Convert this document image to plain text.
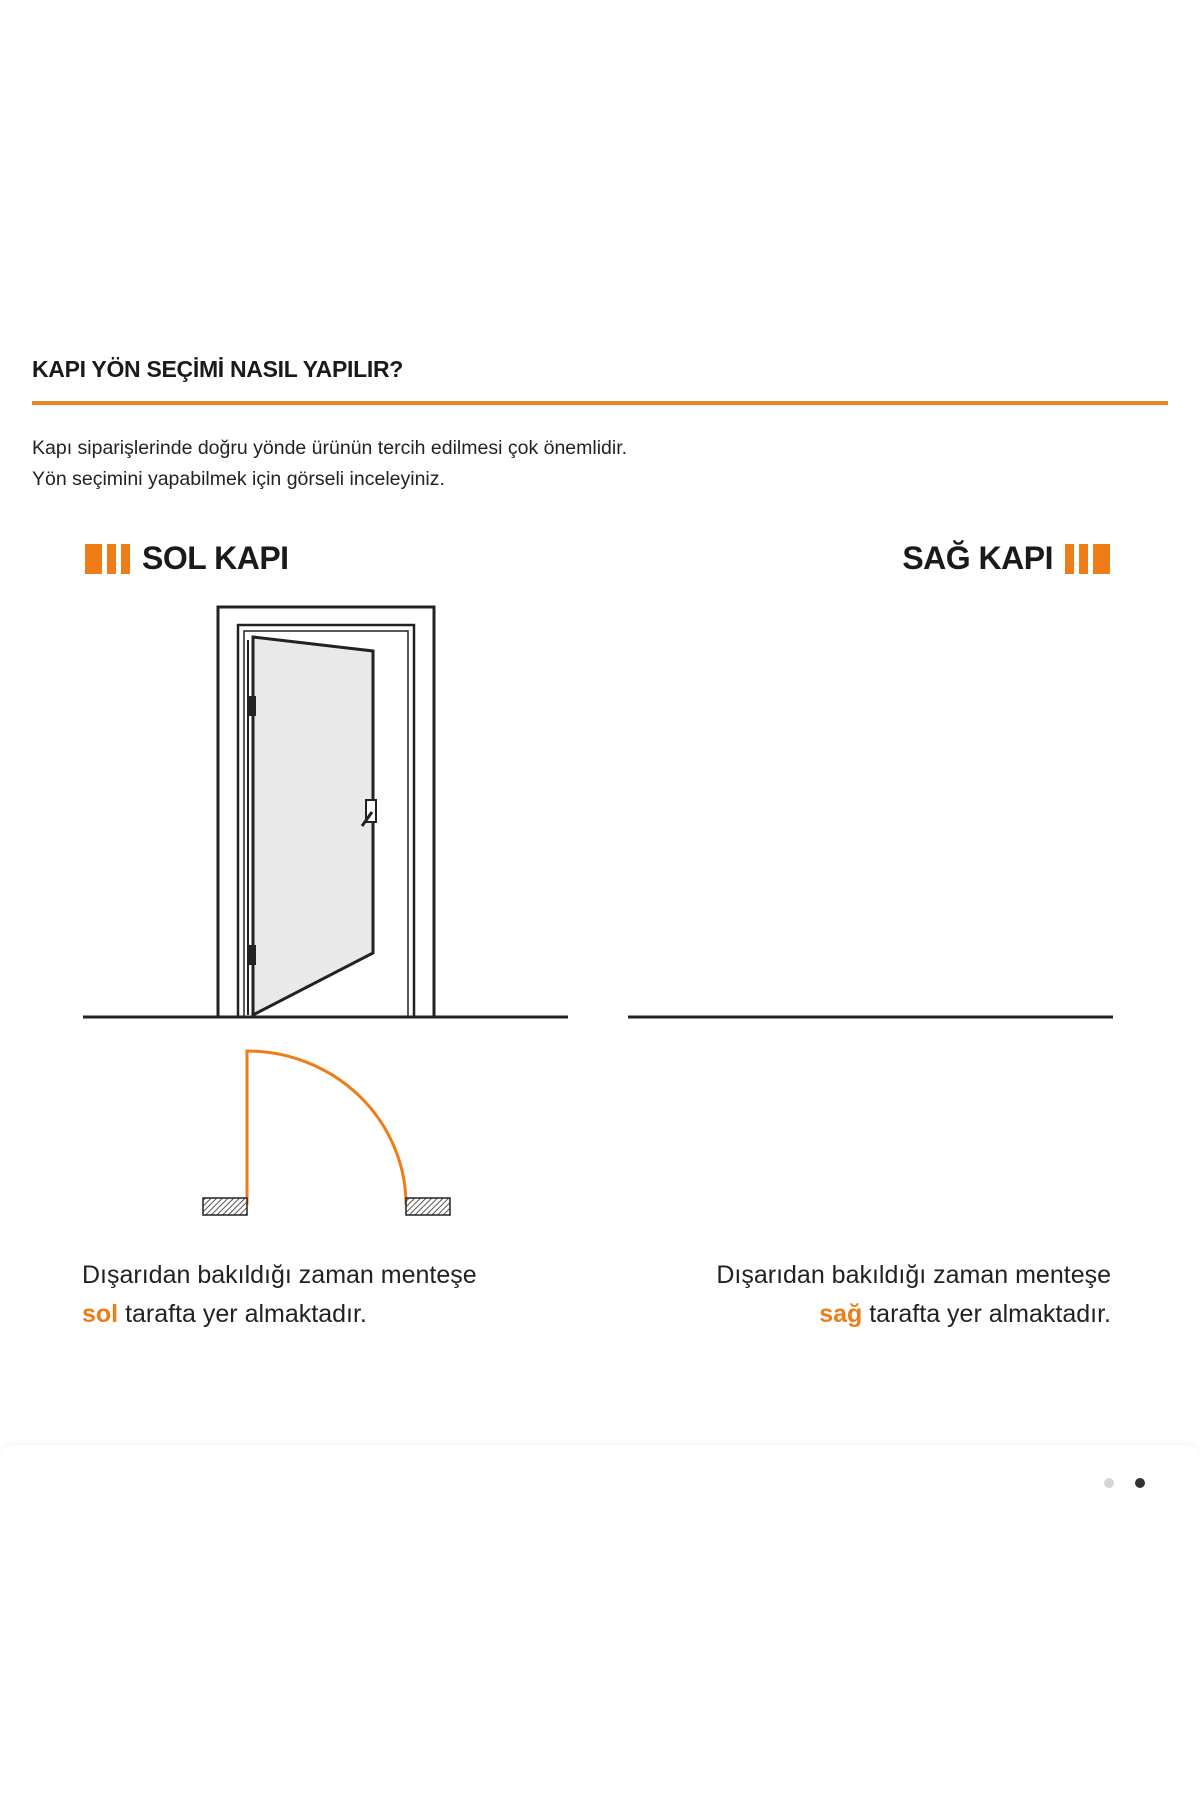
KAPI YÖN SEÇİMİ NASIL YAPILIR?
Kapı siparişlerinde doğru yönde ürünün tercih edilmesi çok önemlidir.
Yön seçimini yapabilmek için görseli inceleyiniz.
SOL KAPI	SAĞ KAPI
Dışarıdan bakıldığı zaman menteşe
sol tarafta yer almaktadır.
Dışarıdan bakıldığı zaman menteşe
sağ tarafta yer almaktadır.
